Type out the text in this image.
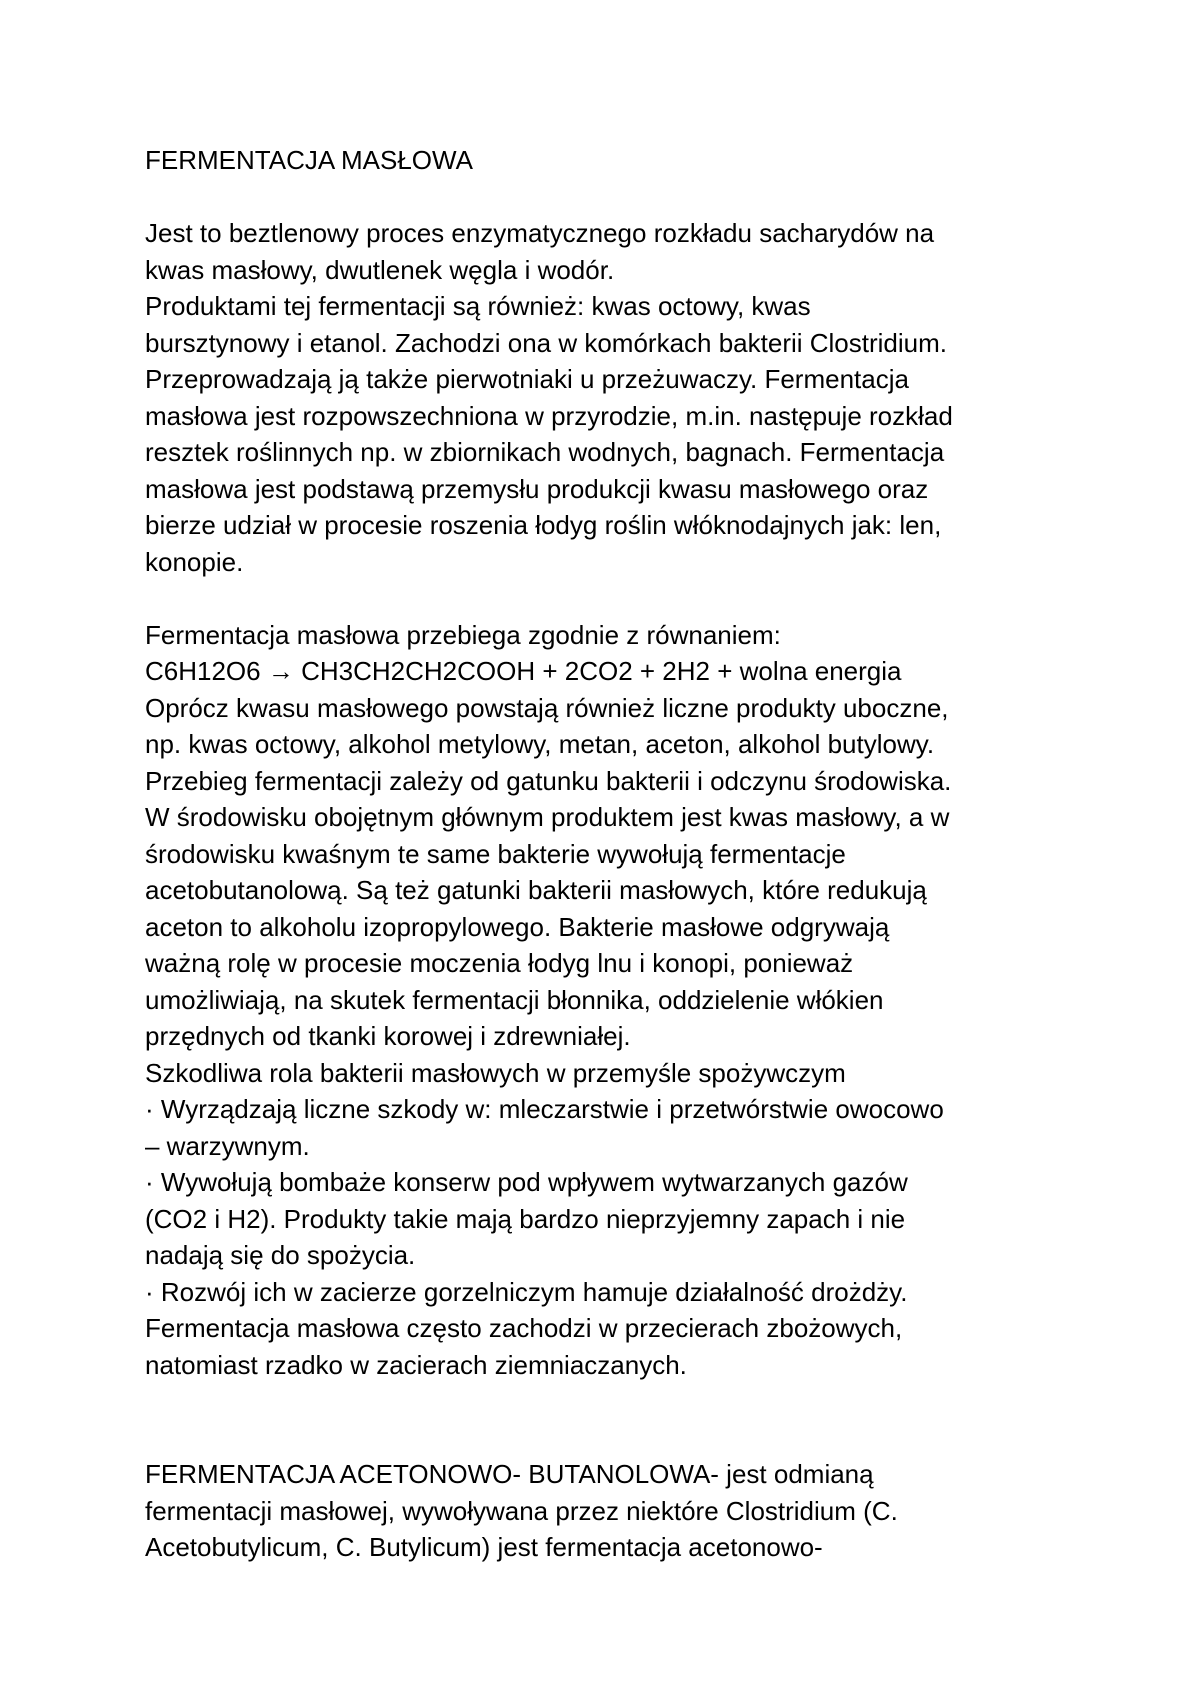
FERMENTACJA MASŁOWA
Jest to beztlenowy proces enzymatycznego rozkładu sacharydów na
kwas masłowy, dwutlenek węgla i wodór.
Produktami tej fermentacji są również: kwas octowy, kwas
bursztynowy i etanol. Zachodzi ona w komórkach bakterii Clostridium.
Przeprowadzają ją także pierwotniaki u przeżuwaczy. Fermentacja
masłowa jest rozpowszechniona w przyrodzie, m.in. następuje rozkład
resztek roślinnych np. w zbiornikach wodnych, bagnach. Fermentacja
masłowa jest podstawą przemysłu produkcji kwasu masłowego oraz
bierze udział w procesie roszenia łodyg roślin włóknodajnych jak: len,
konopie.
Fermentacja masłowa przebiega zgodnie z równaniem:
C6H12O6 → CH3CH2CH2COOH + 2CO2 + 2H2 + wolna energia
Oprócz kwasu masłowego powstają również liczne produkty uboczne,
np. kwas octowy, alkohol metylowy, metan, aceton, alkohol butylowy.
Przebieg fermentacji zależy od gatunku bakterii i odczynu środowiska.
W środowisku obojętnym głównym produktem jest kwas masłowy, a w
środowisku kwaśnym te same bakterie wywołują fermentacje
acetobutanolową. Są też gatunki bakterii masłowych, które redukują
aceton to alkoholu izopropylowego. Bakterie masłowe odgrywają
ważną rolę w procesie moczenia łodyg lnu i konopi, ponieważ
umożliwiają, na skutek fermentacji błonnika, oddzielenie włókien
przędnych od tkanki korowej i zdrewniałej.
Szkodliwa rola bakterii masłowych w przemyśle spożywczym
· Wyrządzają liczne szkody w: mleczarstwie i przetwórstwie owocowo
– warzywnym.
· Wywołują bombaże konserw pod wpływem wytwarzanych gazów
(CO2 i H2). Produkty takie mają bardzo nieprzyjemny zapach i nie
nadają się do spożycia.
· Rozwój ich w zacierze gorzelniczym hamuje działalność drożdży.
Fermentacja masłowa często zachodzi w przecierach zbożowych,
natomiast rzadko w zacierach ziemniaczanych.
FERMENTACJA ACETONOWO- BUTANOLOWA- jest odmianą
fermentacji masłowej, wywoływana przez niektóre Clostridium (C.
Acetobutylicum, C. Butylicum) jest fermentacja acetonowo-
